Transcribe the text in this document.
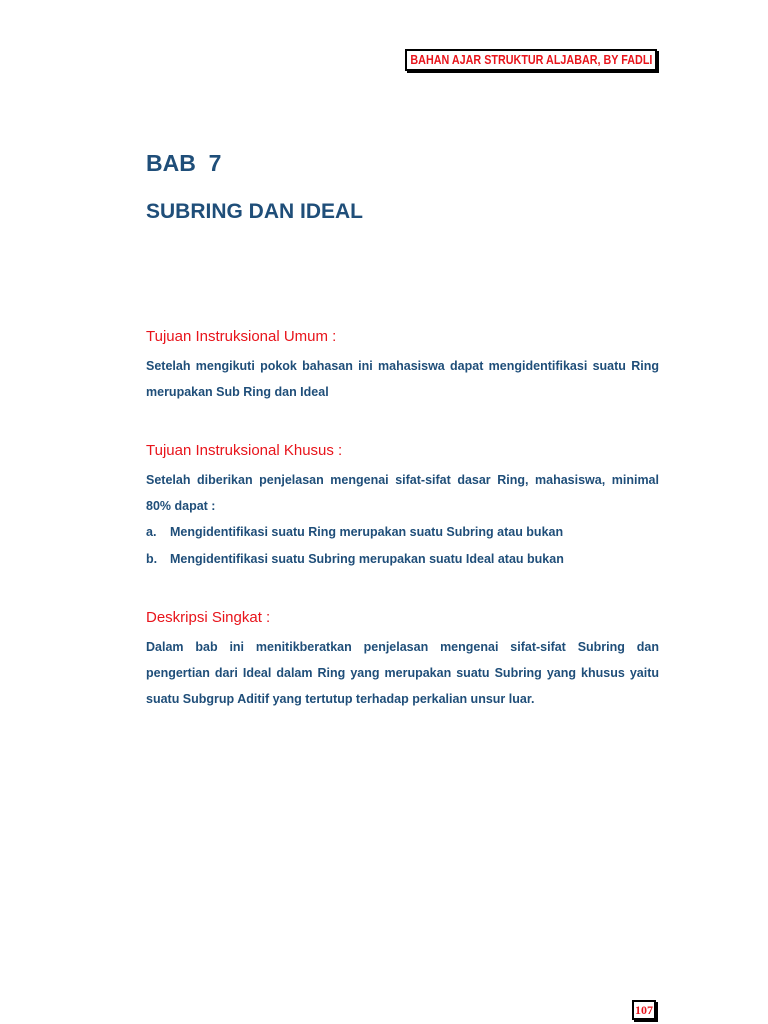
BAHAN AJAR STRUKTUR ALJABAR, BY FADLI
BAB  7
SUBRING DAN IDEAL
Tujuan Instruksional Umum :
Setelah mengikuti pokok bahasan ini mahasiswa dapat mengidentifikasi suatu Ring
merupakan Sub Ring dan Ideal
Tujuan Instruksional Khusus :
Setelah diberikan penjelasan mengenai sifat-sifat dasar Ring, mahasiswa, minimal
80% dapat :
a. Mengidentifikasi suatu Ring merupakan suatu Subring atau bukan
b. Mengidentifikasi suatu Subring merupakan suatu Ideal atau bukan
Deskripsi Singkat :
Dalam bab ini menitikberatkan penjelasan mengenai sifat-sifat Subring dan
pengertian dari Ideal dalam Ring yang merupakan suatu Subring yang khusus yaitu
suatu Subgrup Aditif yang tertutup terhadap perkalian unsur luar.
107
